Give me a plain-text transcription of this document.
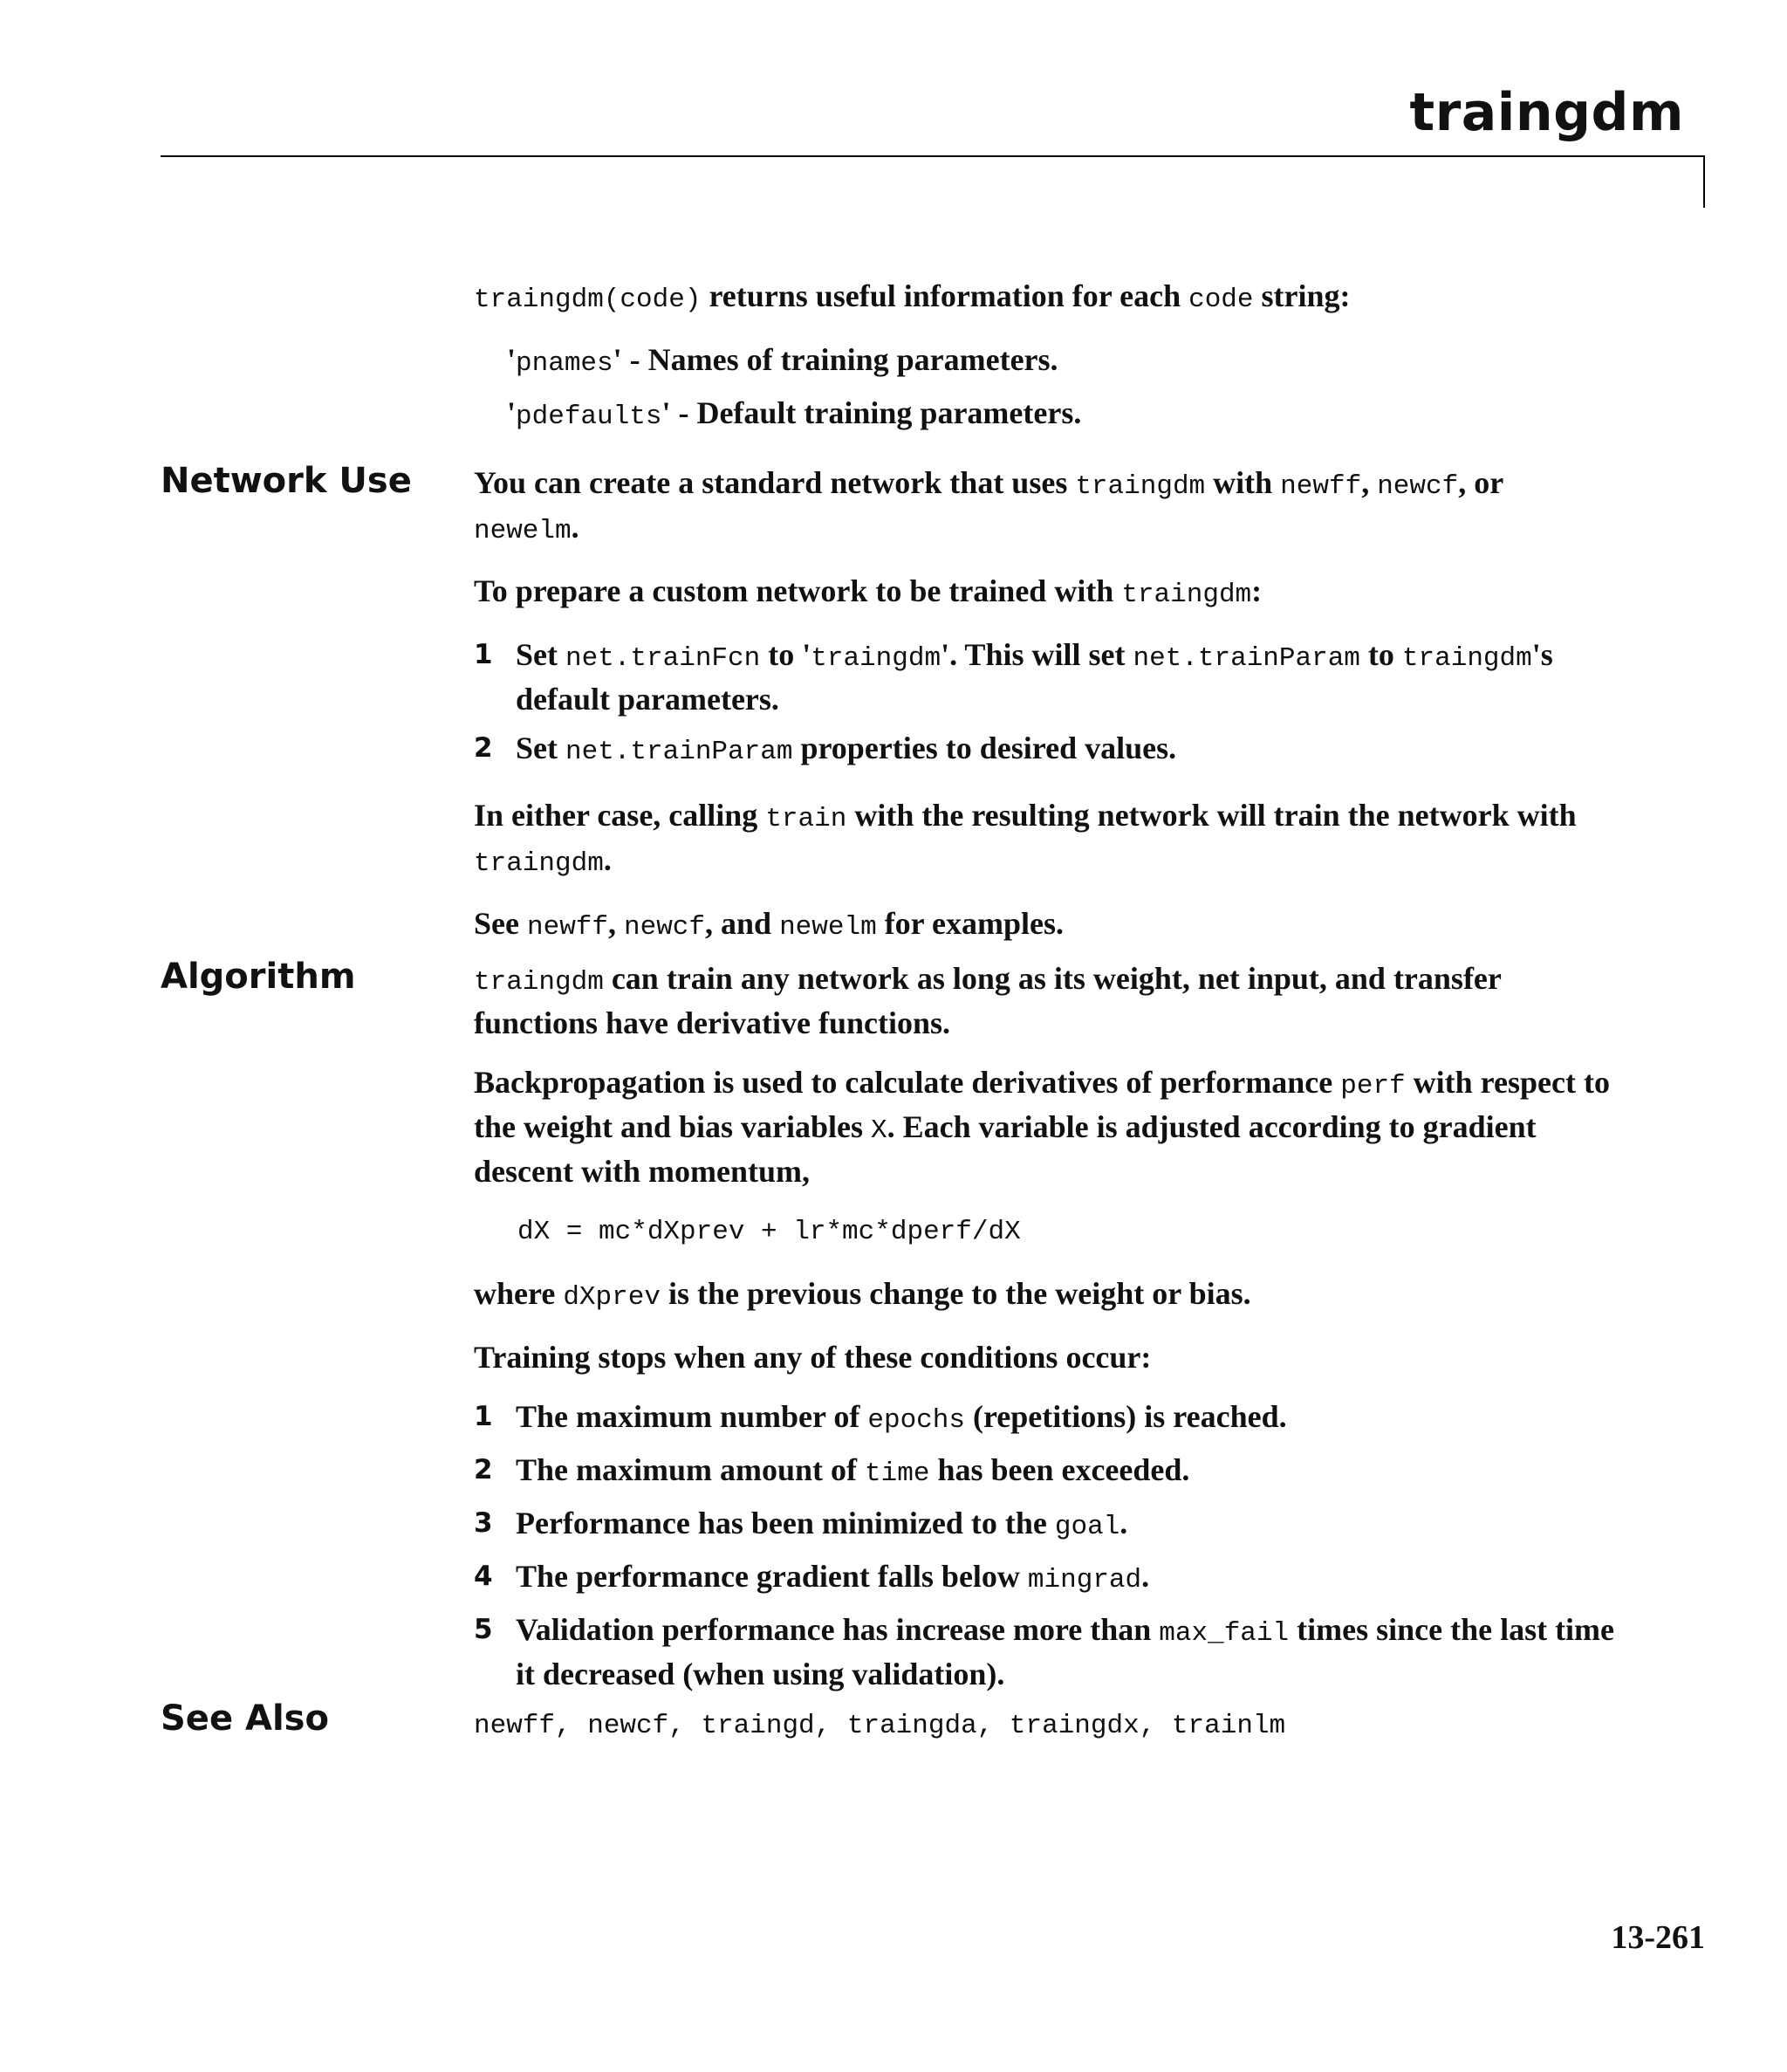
traingdm

traingdm(code) returns useful information for each code string:

'pnames' - Names of training parameters.

'pdefaults' - Default training parameters.

Network Use You can create a standard network that uses traingdm with newff, newcf, or
newelm.

To prepare a custom network to be trained with traingdm:

1 Set net.trainFcn to 'traingdm'. This will set net.trainParam to traingdm's default parameters.
2 Set net.trainParam properties to desired values.

In either case, calling train with the resulting network will train the network with traingdm.

See newff, newcf, and newelm for examples.

Algorithm	traingdm can train any network as long as its weight, net input, and transfer functions have derivative functions.

Backpropagation is used to calculate derivatives of performance perf with respect to the weight and bias variables X. Each variable is adjusted according to gradient descent with momentum,

dX = mc*dXprev + lr*mc*dperf/dX

where dXprev is the previous change to the weight or bias.

Training stops when any of these conditions occur:

1 The maximum number of epochs (repetitions) is reached.
2 The maximum amount of time has been exceeded.
3 Performance has been minimized to the goal.
4 The performance gradient falls below mingrad.
5 Validation performance has increase more than max_fail times since the last time it decreased (when using validation).
See Also	newff, newcf, traingd, traingda, traingdx, trainlm
13-261
